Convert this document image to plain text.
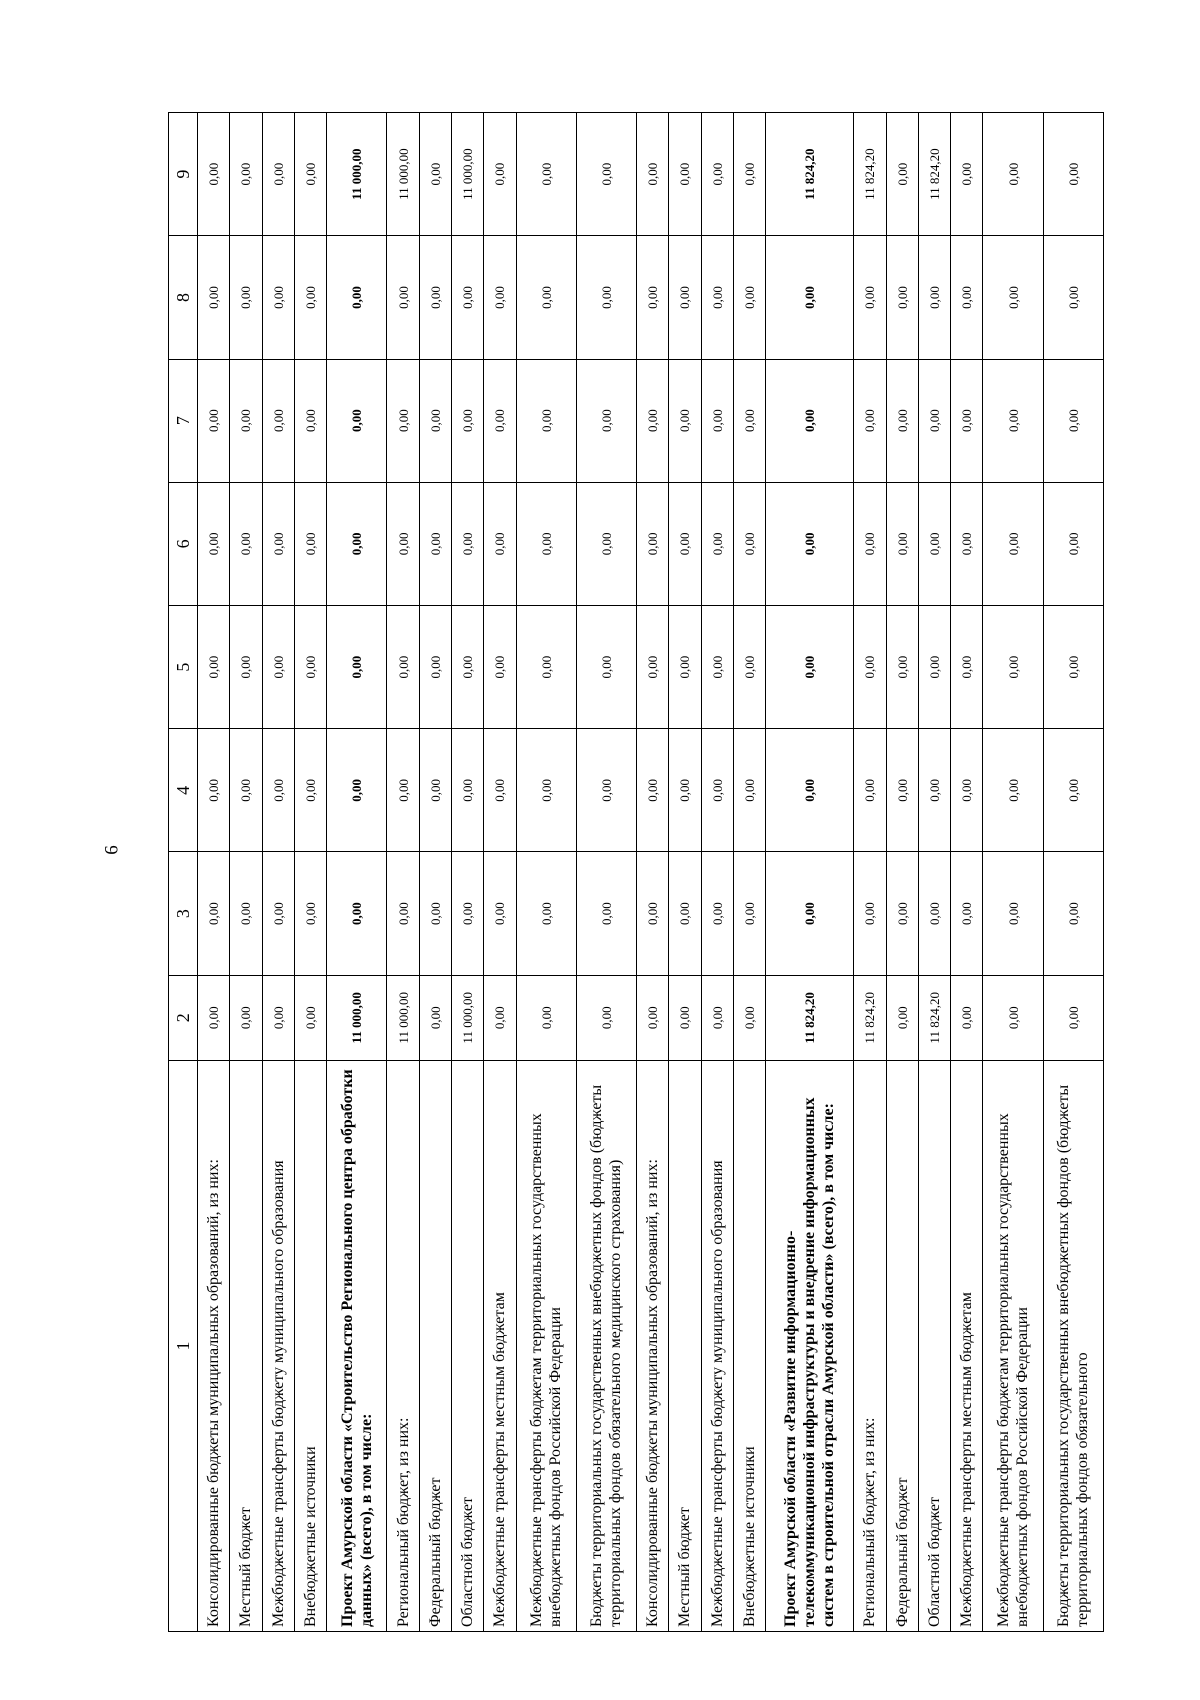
6
1	2	3	4	5	6	7	8	9
Консолидированные бюджеты муниципальных образований, из них:	0,00	0,00	0,00	0,00	0,00	0,00	0,00	0,00
Местный бюджет	0,00	0,00	0,00	0,00	0,00	0,00	0,00	0,00
Межбюджетные трансферты бюджету муниципального образования	0,00	0,00	0,00	0,00	0,00	0,00	0,00	0,00
Внебюджетные источники	0,00	0,00	0,00	0,00	0,00	0,00	0,00	0,00
Проект Амурской области «Строительство Регионального центра обработки данных» (всего), в том числе:	11 000,00	0,00	0,00	0,00	0,00	0,00	0,00	11 000,00
Региональный бюджет, из них:	11 000,00	0,00	0,00	0,00	0,00	0,00	0,00	11 000,00
Федеральный бюджет	0,00	0,00	0,00	0,00	0,00	0,00	0,00	0,00
Областной бюджет	11 000,00	0,00	0,00	0,00	0,00	0,00	0,00	11 000,00
Межбюджетные трансферты местным бюджетам	0,00	0,00	0,00	0,00	0,00	0,00	0,00	0,00
Межбюджетные трансферты бюджетам территориальных государственных внебюджетных фондов Российской Федерации	0,00	0,00	0,00	0,00	0,00	0,00	0,00	0,00
Бюджеты территориальных государственных внебюджетных фондов (бюджеты территориальных фондов обязательного медицинского страхования)	0,00	0,00	0,00	0,00	0,00	0,00	0,00	0,00
Консолидированные бюджеты муниципальных образований, из них:	0,00	0,00	0,00	0,00	0,00	0,00	0,00	0,00
Местный бюджет	0,00	0,00	0,00	0,00	0,00	0,00	0,00	0,00
Межбюджетные трансферты бюджету муниципального образования	0,00	0,00	0,00	0,00	0,00	0,00	0,00	0,00
Внебюджетные источники	0,00	0,00	0,00	0,00	0,00	0,00	0,00	0,00
Проект Амурской области «Развитие информационно-телекоммуникационной инфраструктуры и внедрение информационных систем в строительной отрасли Амурской области» (всего), в том числе:	11 824,20	0,00	0,00	0,00	0,00	0,00	0,00	11 824,20
Региональный бюджет, из них:	11 824,20	0,00	0,00	0,00	0,00	0,00	0,00	11 824,20
Федеральный бюджет	0,00	0,00	0,00	0,00	0,00	0,00	0,00	0,00
Областной бюджет	11 824,20	0,00	0,00	0,00	0,00	0,00	0,00	11 824,20
Межбюджетные трансферты местным бюджетам	0,00	0,00	0,00	0,00	0,00	0,00	0,00	0,00
Межбюджетные трансферты бюджетам территориальных государственных внебюджетных фондов Российской Федерации	0,00	0,00	0,00	0,00	0,00	0,00	0,00	0,00
Бюджеты территориальных государственных внебюджетных фондов (бюджеты территориальных фондов обязательного	0,00	0,00	0,00	0,00	0,00	0,00	0,00	0,00
